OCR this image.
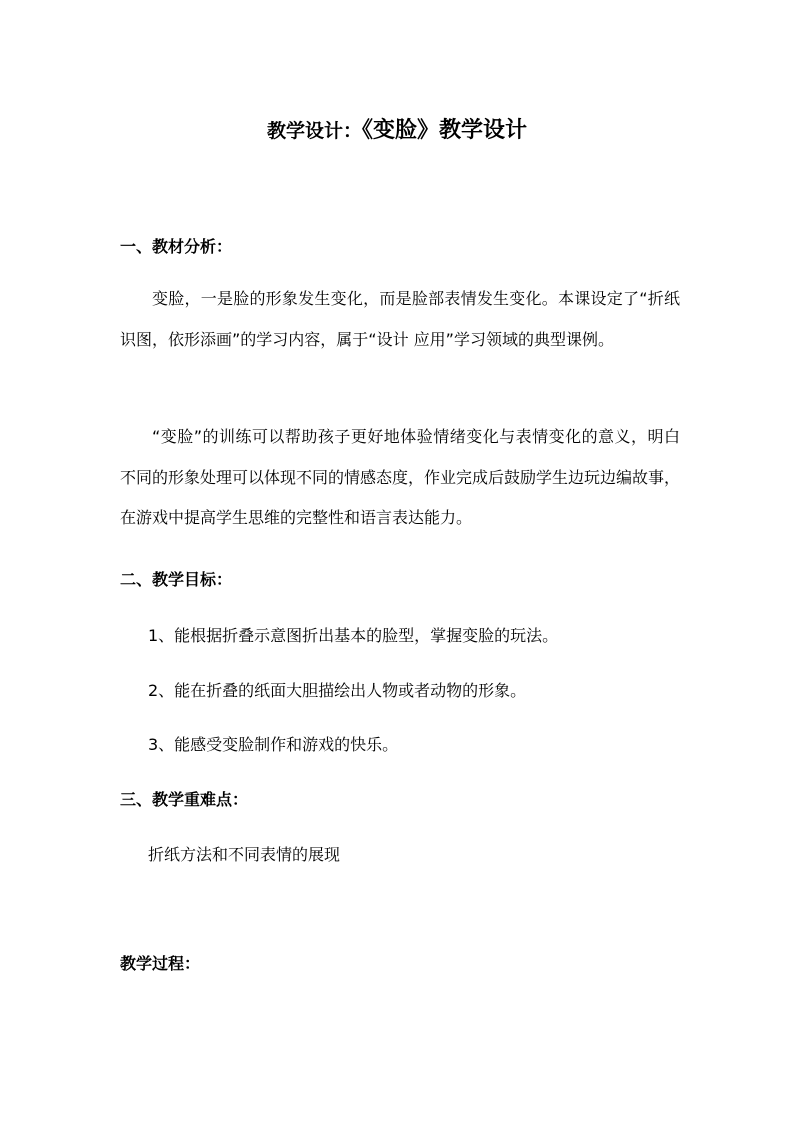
教学设计：《变脸》教学设计
一、教材分析：
变脸，一是脸的形象发生变化，而是脸部表情发生变化。本课设定了“折纸识图，依形添画”的学习内容，属于“设计 应用”学习领域的典型课例。
“变脸”的训练可以帮助孩子更好地体验情绪变化与表情变化的意义，明白不同的形象处理可以体现不同的情感态度，作业完成后鼓励学生边玩边编故事，在游戏中提高学生思维的完整性和语言表达能力。
二、教学目标：
1、能根据折叠示意图折出基本的脸型，掌握变脸的玩法。
2、能在折叠的纸面大胆描绘出人物或者动物的形象。
3、能感受变脸制作和游戏的快乐。
三、教学重难点：
折纸方法和不同表情的展现
教学过程：
